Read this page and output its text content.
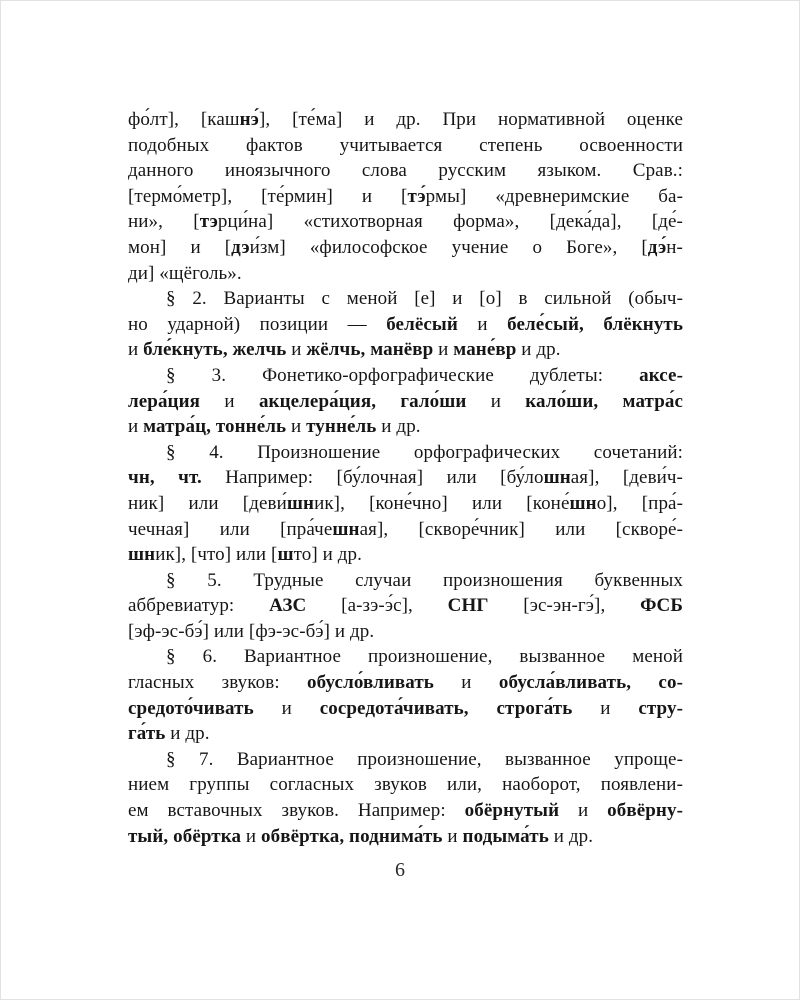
фо́лт], [кашнэ́], [те́ма] и др. При нормативной оценке
подобных фактов учитывается степень освоенности
данного иноязычного слова русским языком. Срав.:
[термо́метр], [те́рмин] и [тэ́рмы] «древнеримские ба-
ни», [тэрци́на] «стихотворная форма», [дека́да], [де́-
мон] и [дэи́зм] «философское учение о Боге», [дэ́н-
ди] «щёголь».
§ 2. Варианты с меной [е] и [о] в сильной (обыч-
но ударной) позиции — белёсый и беле́сый, блёкнуть
и бле́кнуть, желчь и жёлчь, манёвр и мане́вр и др.
§ 3. Фонетико-орфографические дублеты: аксе-
лера́ция и акцелера́ция, гало́ши и кало́ши, матра́с
и матра́ц, тонне́ль и тунне́ль и др.
§ 4. Произношение орфографических сочетаний:
чн, чт. Например: [бу́лочная] или [бу́лошная], [деви́ч-
ник] или [деви́шник], [коне́чно] или [коне́шно], [пра́-
чечная] или [пра́чешная], [скворе́чник] или [скворе́-
шник], [что] или [што] и др.
§ 5. Трудные случаи произношения буквенных
аббревиатур: АЗС [а-зэ-э́с], СНГ [эс-эн-гэ́], ФСБ
[эф-эс-бэ́] или [фэ-эс-бэ́] и др.
§ 6. Вариантное произношение, вызванное меной
гласных звуков: обусло́вливать и обусла́вливать, со-
средото́чивать и сосредота́чивать, строга́ть и стру-
га́ть и др.
§ 7. Вариантное произношение, вызванное упроще-
нием группы согласных звуков или, наоборот, появлени-
ем вставочных звуков. Например: обёрнутый и обвёрну-
тый, обёртка и обвёртка, поднима́ть и подыма́ть и др.
6
